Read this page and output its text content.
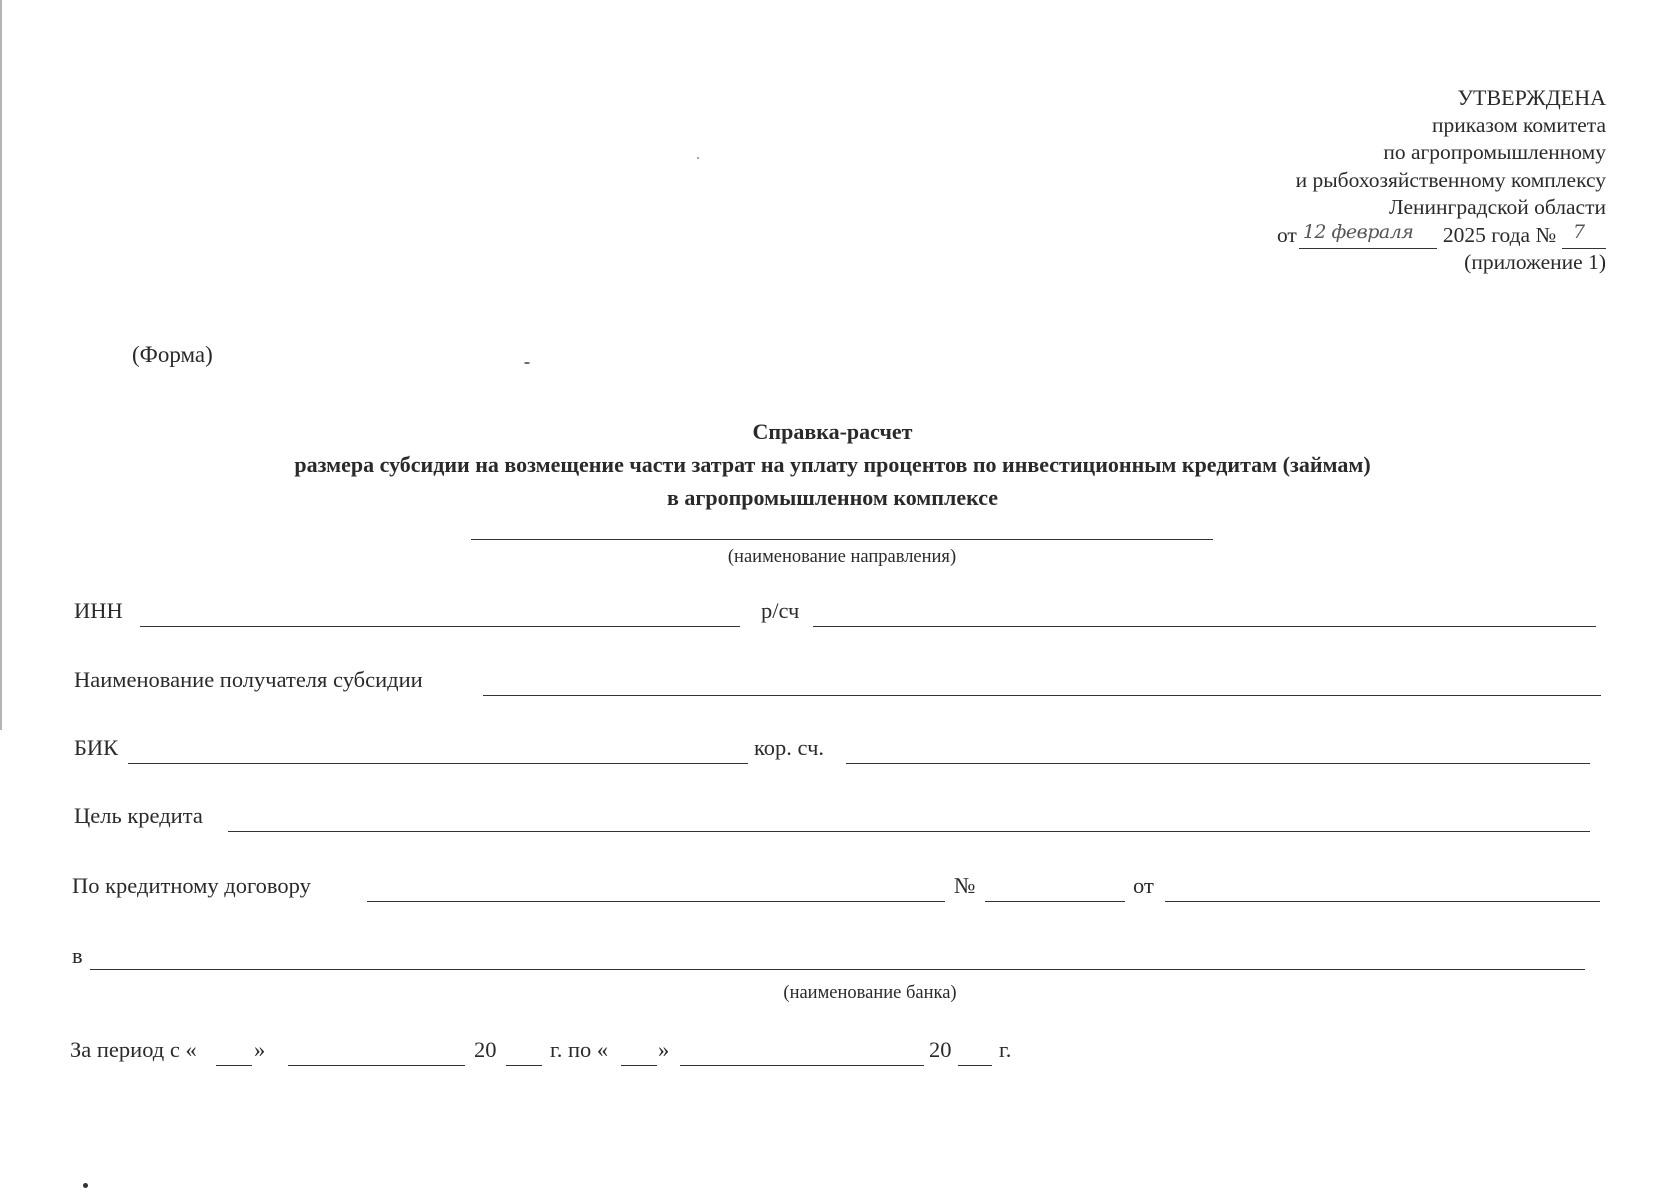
УТВЕРЖДЕНА
приказом комитета
по агропромышленному
и рыбохозяйственному комплексу
Ленинградской области
от 12 февраля 2025 года № 7
(приложение 1)
(Форма)
Справка-расчет
размера субсидии на возмещение части затрат на уплату процентов по инвестиционным кредитам (займам)
в агропромышленном комплексе
(наименование направления)
ИНН	р/сч
Наименование получателя субсидии
БИК	кор. сч.
Цель кредита
По кредитному договору	№	от
в
(наименование банка)
За период с «	»	20 г. по « »	20 г.
